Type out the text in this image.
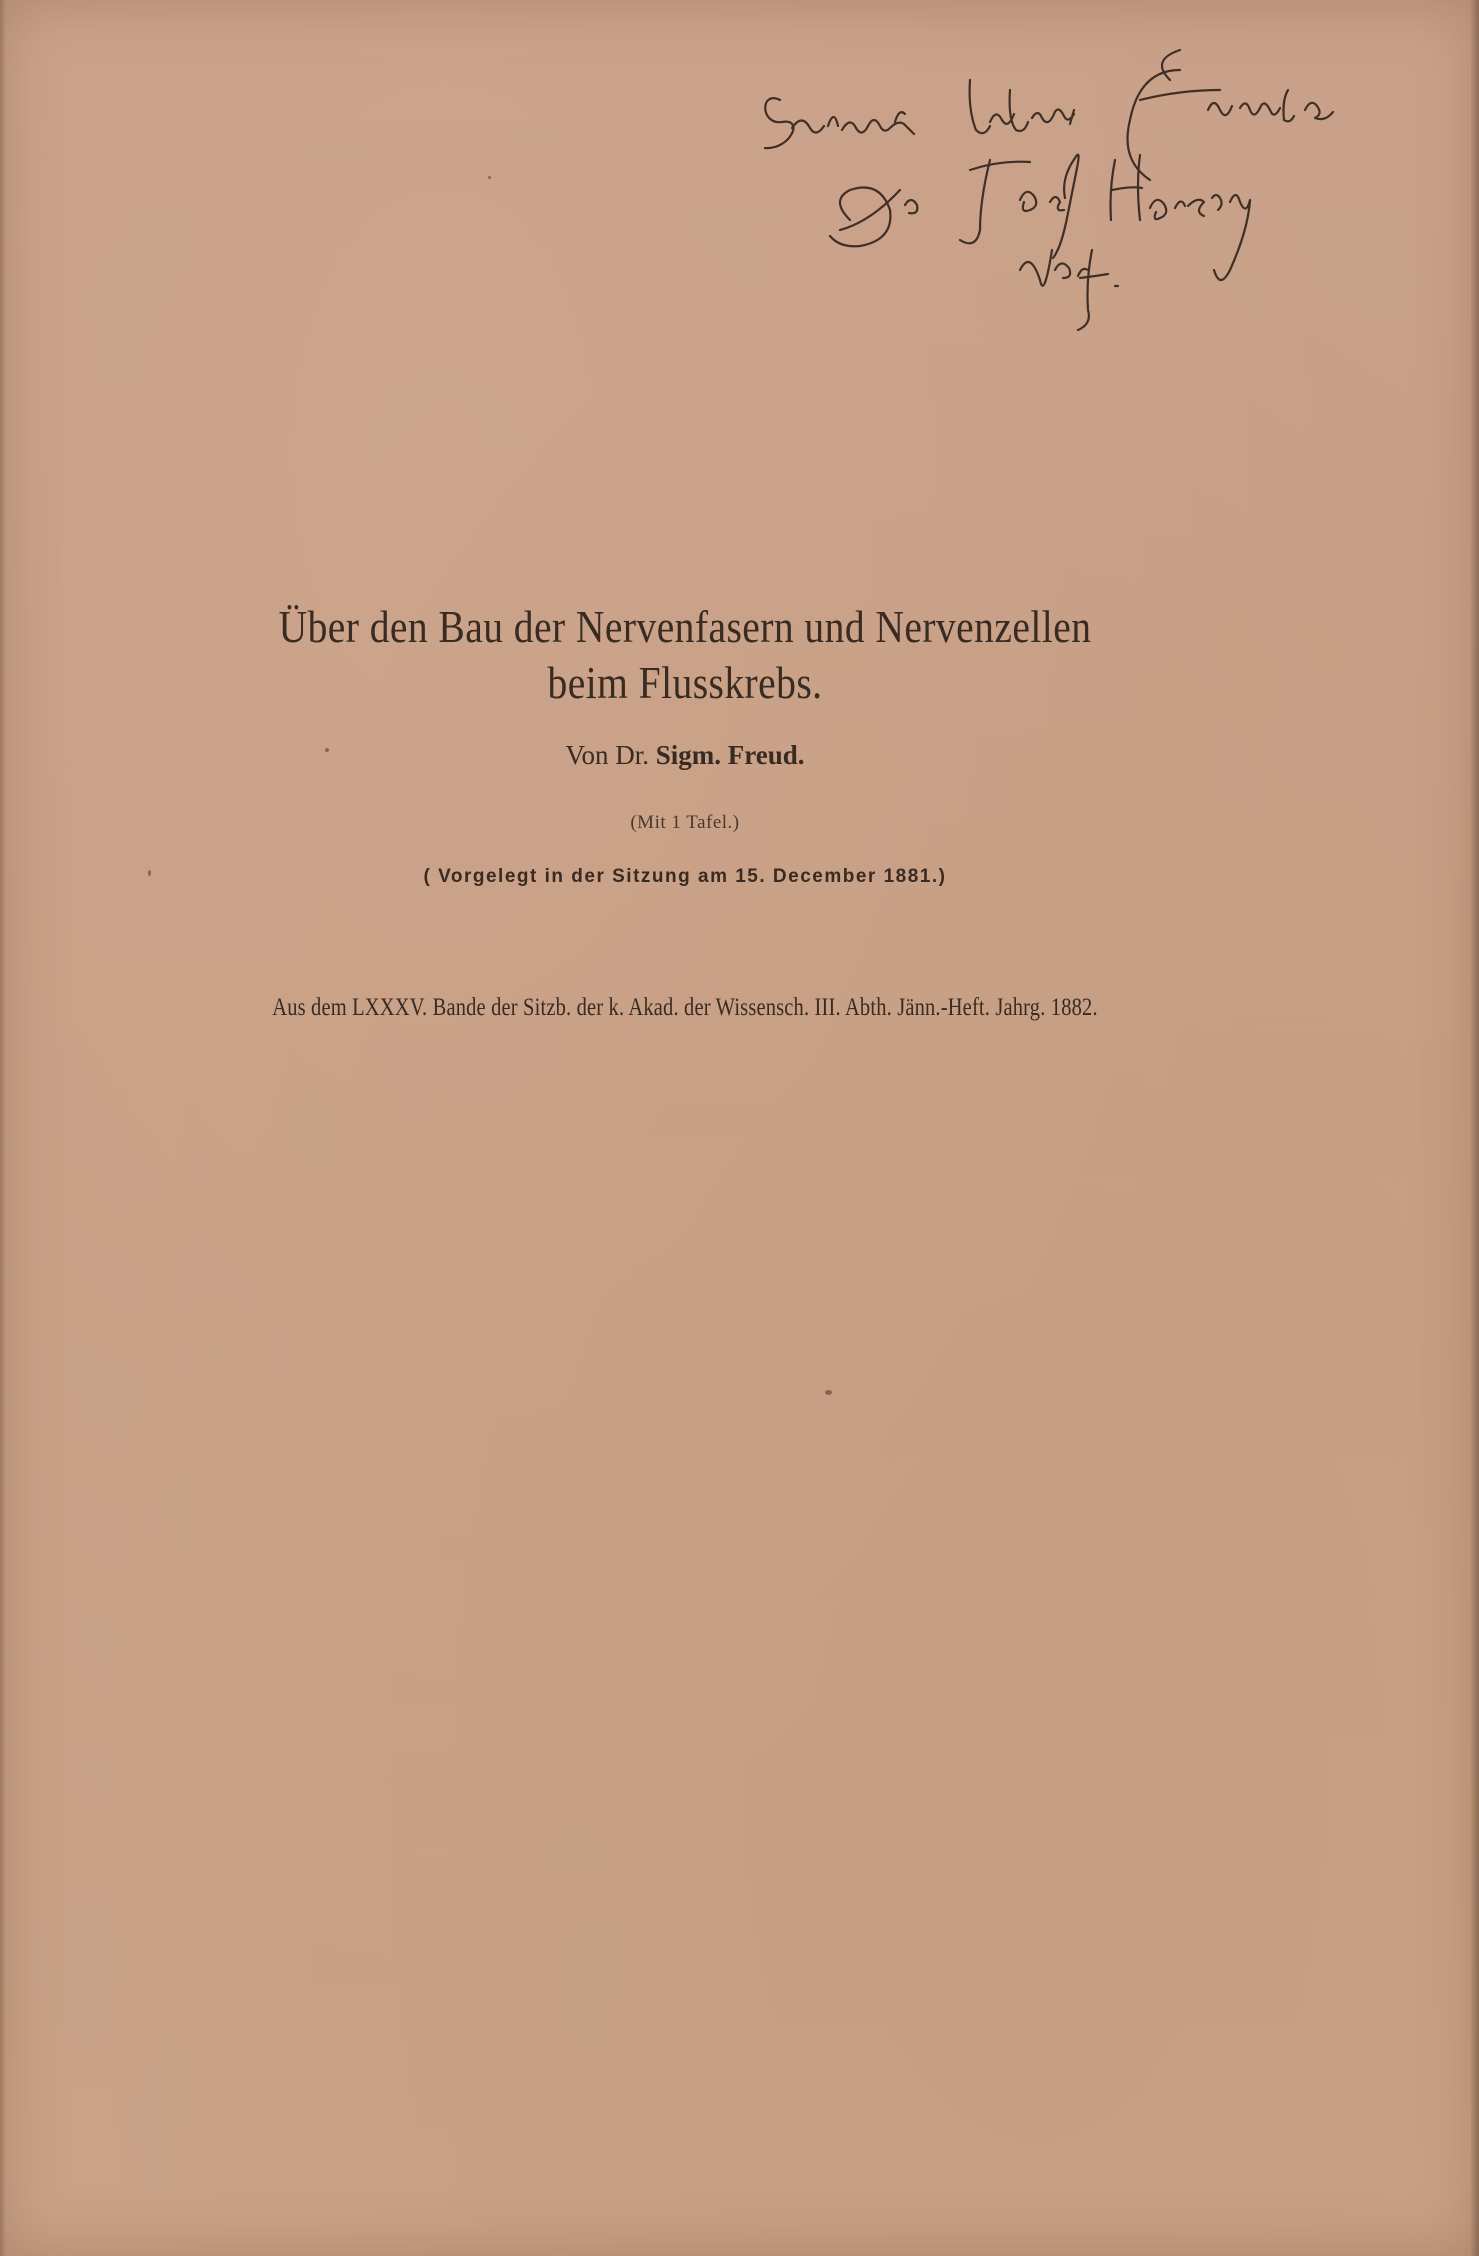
Über den Bau der Nervenfasern und Nervenzellen
beim Flusskrebs.
Von Dr. Sigm. Freud.
(Mit 1 Tafel.)
( Vorgelegt in der Sitzung am 15. December 1881.)
Aus dem LXXXV. Bande der Sitzb. der k. Akad. der Wissensch. III. Abth. Jänn.-Heft. Jahrg. 1882.
